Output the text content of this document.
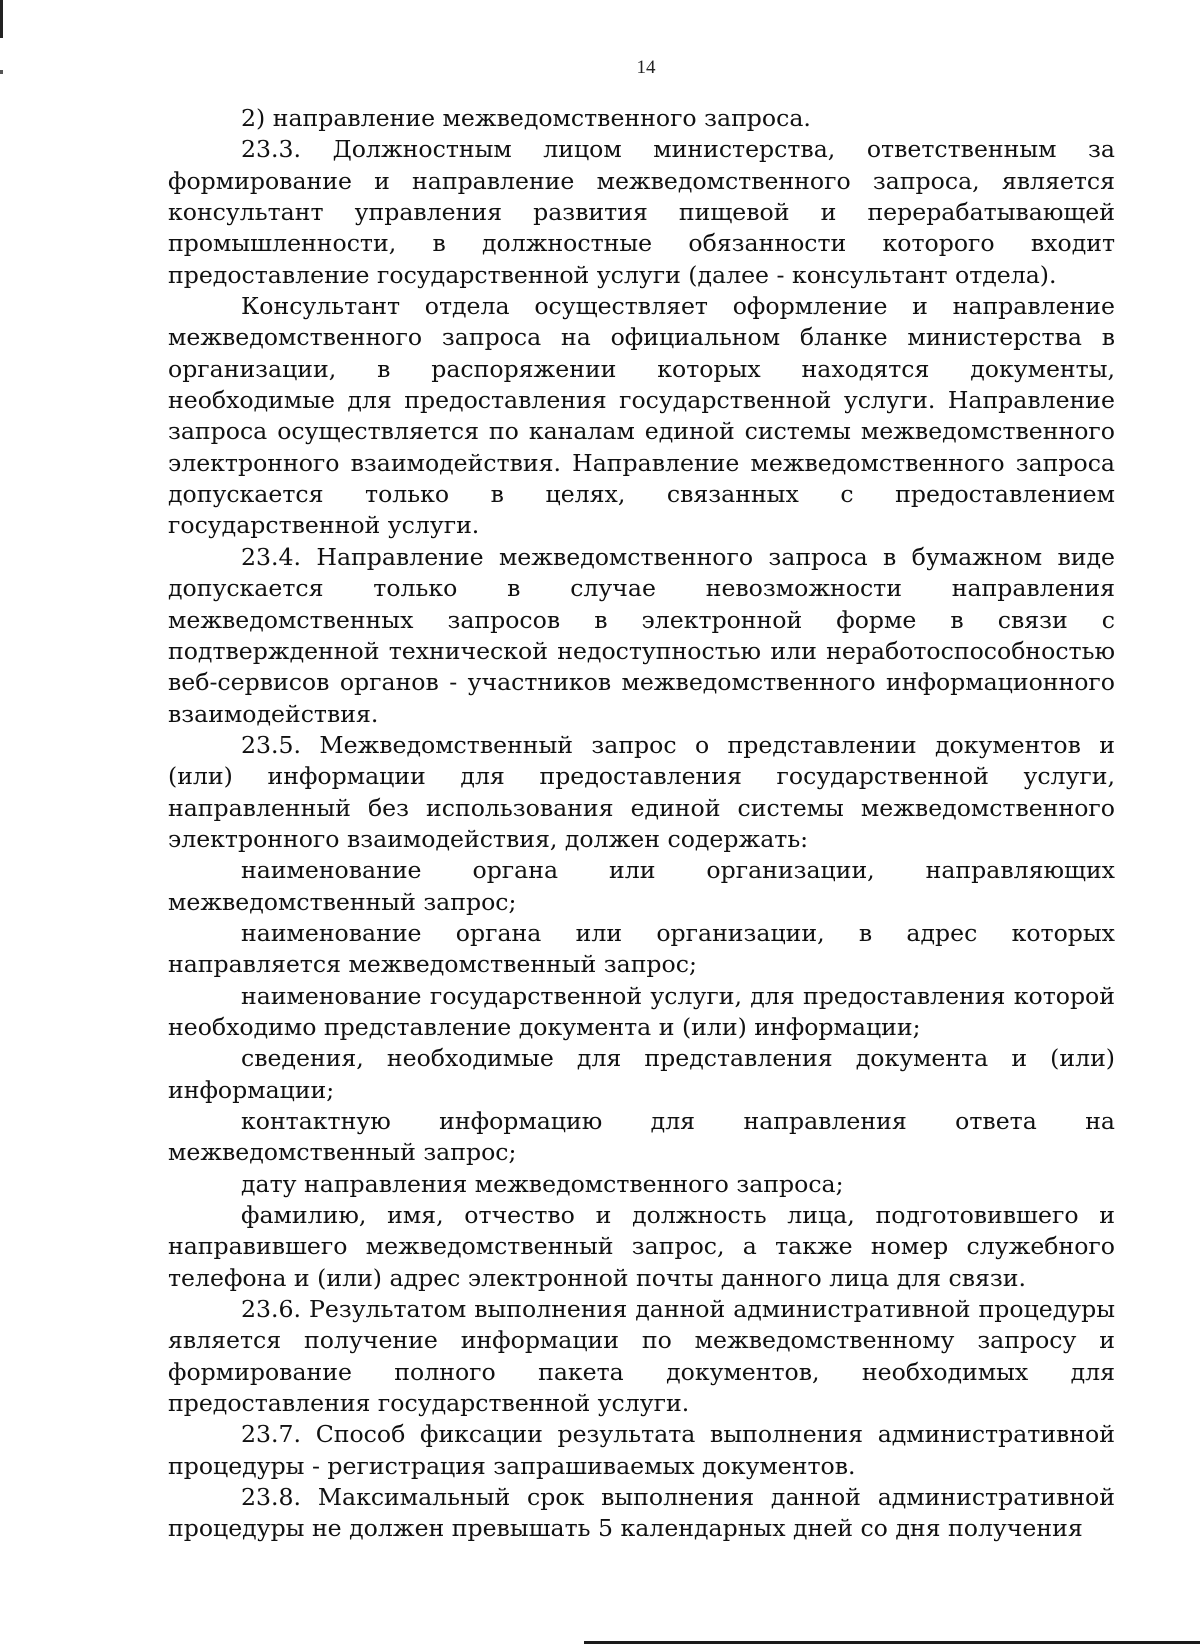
14

2) направление межведомственного запроса.

23.3. Должностным лицом министерства, ответственным за формирование и направление межведомственного запроса, является консультант управления развития пищевой и перерабатывающей промышленности, в должностные обязанности которого входит предоставление государственной услуги (далее - консультант отдела).

Консультант отдела осуществляет оформление и направление межведомственного запроса на официальном бланке министерства в организации, в распоряжении которых находятся документы, необходимые для предоставления государственной услуги. Направление запроса осуществляется по каналам единой системы межведомственного электронного взаимодействия. Направление межведомственного запроса допускается только в целях, связанных с предоставлением государственной услуги.

23.4. Направление межведомственного запроса в бумажном виде допускается только в случае невозможности направления межведомственных запросов в электронной форме в связи с подтвержденной технической недоступностью или неработоспособностью веб-сервисов органов - участников межведомственного информационного взаимодействия.

23.5. Межведомственный запрос о представлении документов и (или) информации для предоставления государственной услуги, направленный без использования единой системы межведомственного электронного взаимодействия, должен содержать:

наименование органа или организации, направляющих межведомственный запрос;

наименование органа или организации, в адрес которых направляется межведомственный запрос;

наименование государственной услуги, для предоставления которой необходимо представление документа и (или) информации;

сведения, необходимые для представления документа и (или) информации;

контактную информацию для направления ответа на межведомственный запрос;

дату направления межведомственного запроса;

фамилию, имя, отчество и должность лица, подготовившего и направившего межведомственный запрос, а также номер служебного телефона и (или) адрес электронной почты данного лица для связи.

23.6. Результатом выполнения данной административной процедуры является получение информации по межведомственному запросу и формирование полного пакета документов, необходимых для предоставления государственной услуги.

23.7. Способ фиксации результата выполнения административной процедуры - регистрация запрашиваемых документов.

23.8. Максимальный срок выполнения данной административной процедуры не должен превышать 5 календарных дней со дня получения
